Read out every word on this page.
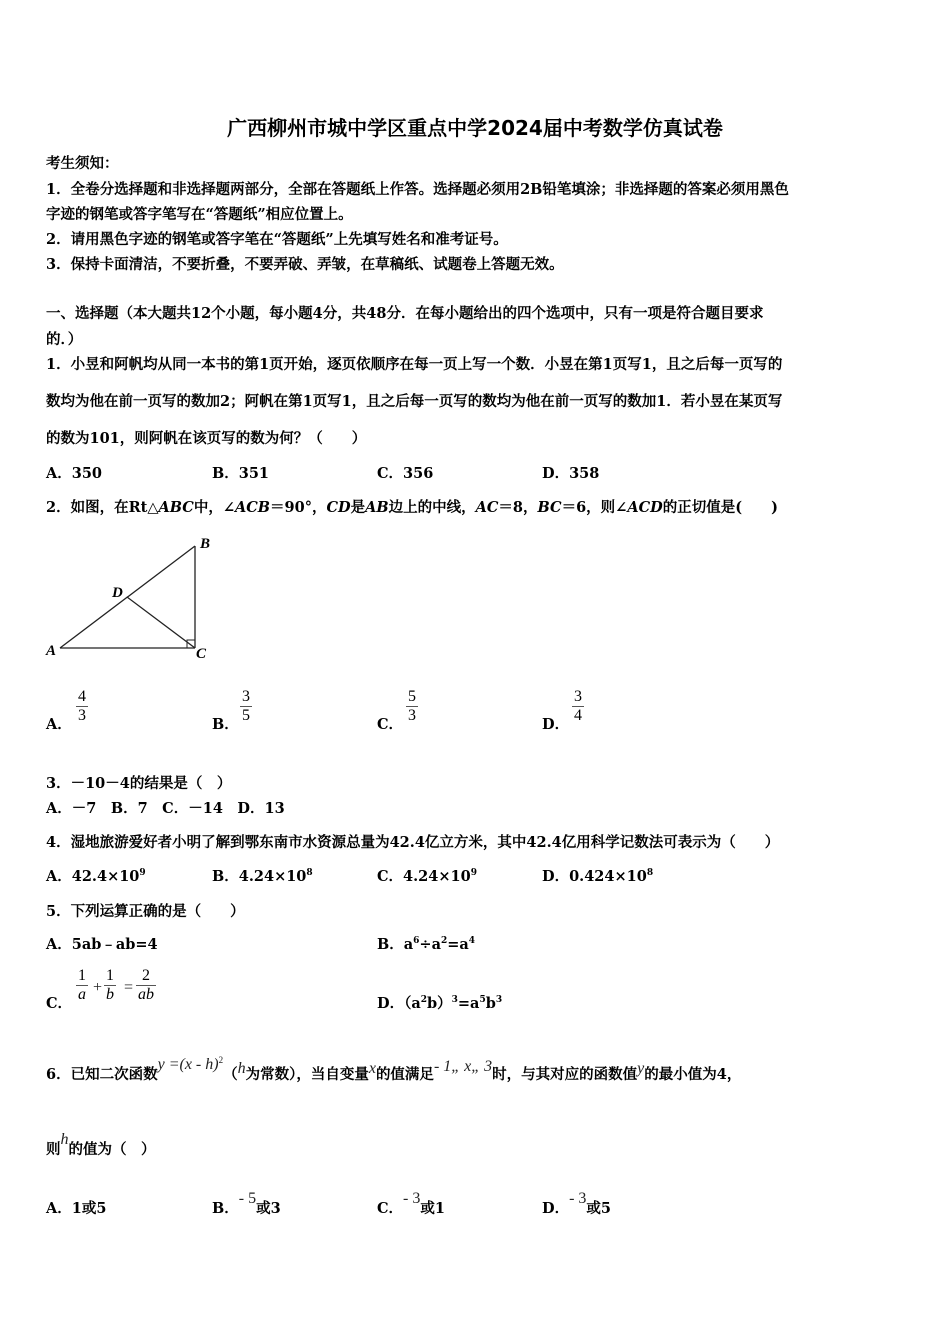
广西柳州市城中学区重点中学2024届中考数学仿真试卷
考生须知：
1．全卷分选择题和非选择题两部分，全部在答题纸上作答。选择题必须用2B铅笔填涂；非选择题的答案必须用黑色
字迹的钢笔或答字笔写在“答题纸”相应位置上。
2．请用黑色字迹的钢笔或答字笔在“答题纸”上先填写姓名和准考证号。
3．保持卡面清洁，不要折叠，不要弄破、弄皱，在草稿纸、试题卷上答题无效。
一、选择题（本大题共12个小题，每小题4分，共48分．在每小题给出的四个选项中，只有一项是符合题目要求
的．）
1．小昱和阿帆均从同一本书的第1页开始，逐页依顺序在每一页上写一个数．小昱在第1页写1，且之后每一页写的
数均为他在前一页写的数加2；阿帆在第1页写1，且之后每一页写的数均为他在前一页写的数加1．若小昱在某页写
的数为101，则阿帆在该页写的数为何？（　　）
A．350	B．351	C．356	D．358
2．如图，在Rt△ABC中，∠ACB＝90°，CD是AB边上的中线，AC＝8，BC＝6，则∠ACD的正切值是(　　)
A
B
C
D
A． $\frac{4}{3}$	B． $\frac{3}{5}$	C． $\frac{5}{3}$	D． $\frac{3}{4}$
3．－10－4的结果是（　）
A．－7　B．7　C．－14　D．13
4．湿地旅游爱好者小明了解到鄂东南市水资源总量为42.4亿立方米，其中42.4亿用科学记数法可表示为（　　）
A．$42.4\times 10^9$	B．$4.24\times 10^8$	C．$4.24\times 10^9$	D．$0.424\times 10^8$
5．下列运算正确的是（　　）
A．5ab﹣ab=4	B．$a^6\div a^2=a^4$
C． $\frac{1}{a} + \frac{1}{b} = \frac{2}{ab}$	D．$(a^2b)^3=a^5b^3$
6．已知二次函数y =(x - h)$^2$（h为常数），当自变量x的值满足- 1„ x„ 3时，与其对应的函数值y的最小值为4，
则h的值为（　）
A．1或5	B．- 5或3	C．- 3或1	D．- 3或5
